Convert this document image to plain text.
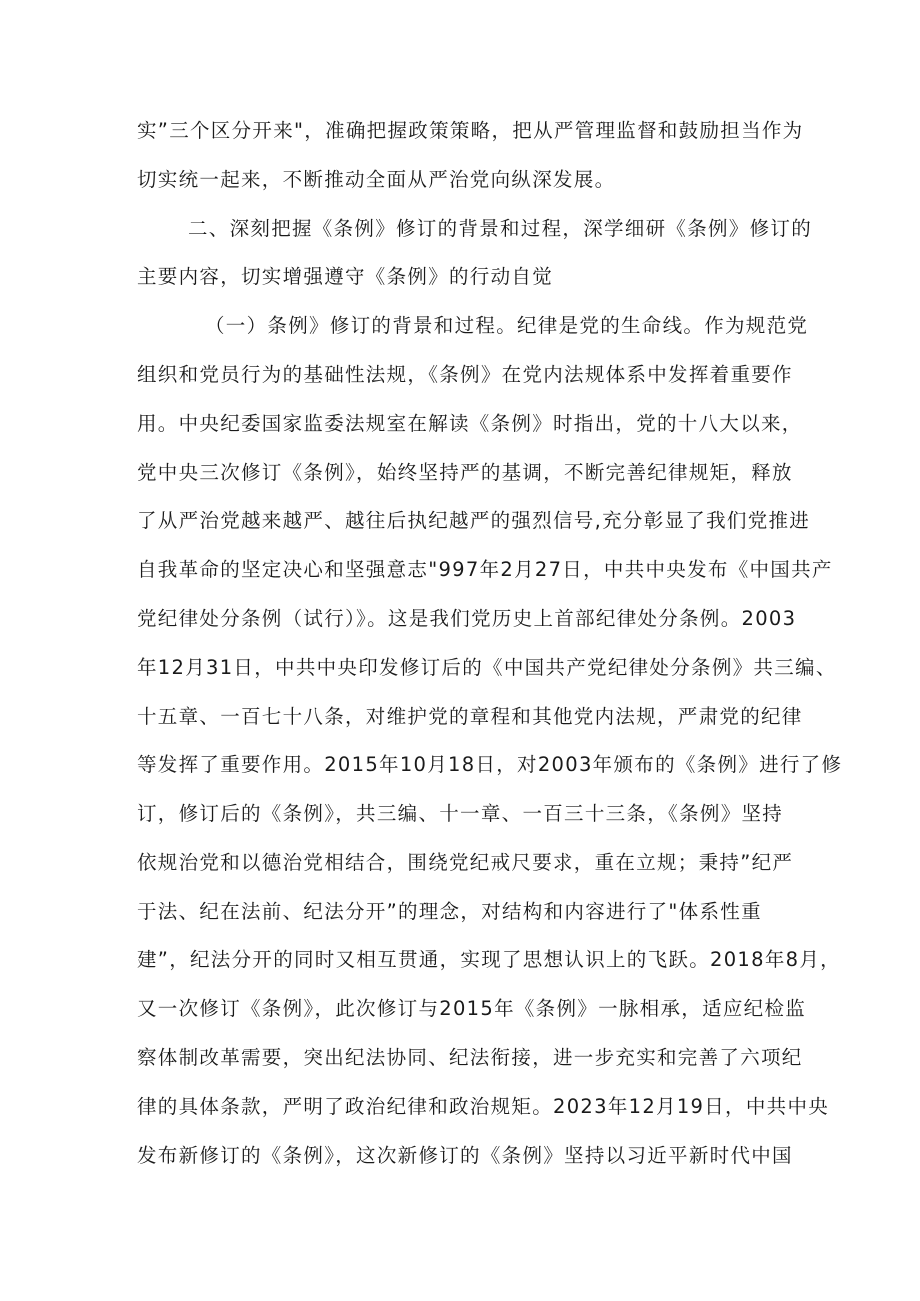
实”三个区分开来"，准确把握政策策略，把从严管理监督和鼓励担当作为

切实统一起来，不断推动全面从严治党向纵深发展。

二、深刻把握《条例》修订的背景和过程，深学细研《条例》修订的

主要内容，切实增强遵守《条例》的行动自觉

（一）条例》修订的背景和过程。纪律是党的生命线。作为规范党

组织和党员行为的基础性法规，《条例》在党内法规体系中发挥着重要作

用。中央纪委国家监委法规室在解读《条例》时指出，党的十八大以来，

党中央三次修订《条例》，始终坚持严的基调，不断完善纪律规矩，释放

了从严治党越来越严、越往后执纪越严的强烈信号,充分彰显了我们党推进

自我革命的坚定决心和坚强意志"997年2月27日，中共中央发布《中国共产

党纪律处分条例（试行）》。这是我们党历史上首部纪律处分条例。2003

年12月31日，中共中央印发修订后的《中国共产党纪律处分条例》共三编、

十五章、一百七十八条，对维护党的章程和其他党内法规，严肃党的纪律

等发挥了重要作用。2015年10月18日，对2003年颁布的《条例》进行了修

订，修订后的《条例》，共三编、十一章、一百三十三条，《条例》坚持

依规治党和以德治党相结合，围绕党纪戒尺要求，重在立规；秉持”纪严

于法、纪在法前、纪法分开”的理念，对结构和内容进行了"体系性重

建”，纪法分开的同时又相互贯通，实现了思想认识上的飞跃。2018年8月，

又一次修订《条例》，此次修订与2015年《条例》一脉相承，适应纪检监

察体制改革需要，突出纪法协同、纪法衔接，进一步充实和完善了六项纪

律的具体条款，严明了政治纪律和政治规矩。2023年12月19日，中共中央

发布新修订的《条例》，这次新修订的《条例》坚持以习近平新时代中国
